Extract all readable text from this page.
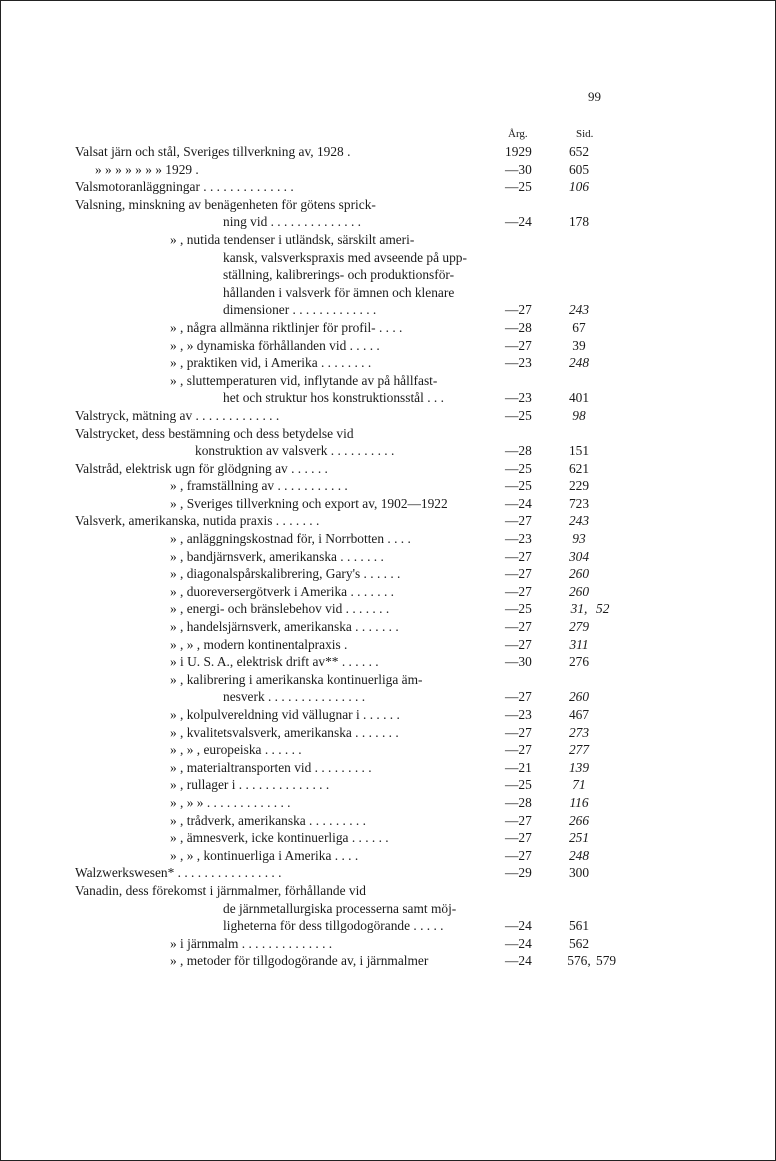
99
Årg.	Sid.
Valsat järn och stål, Sveriges tillverkning av, 1928 .	1929	652
» » » » » » » 1929 .	—30	605
Valsmotoranläggningar . . . . . . . . . . . . . .	—25	106
Valsning, minskning av benägenheten för götens sprick-
ning vid . . . . . . . . . . . . . .	—24	178
» , nutida tendenser i utländsk, särskilt ameri-
kansk, valsverkspraxis med avseende på upp-
ställning, kalibrerings- och produktionsför-
hållanden i valsverk för ämnen och klenare
dimensioner . . . . . . . . . . . . .	—27	243
» , några allmänna riktlinjer för profil- . . . .	—28	67
» , » dynamiska förhållanden vid . . . . .	—27	39
» , praktiken vid, i Amerika . . . . . . . .	—23	248
» , sluttemperaturen vid, inflytande av på hållfast-
het och struktur hos konstruktionsstål . . .	—23	401
Valstryck, mätning av . . . . . . . . . . . . .	—25	98
Valstrycket, dess bestämning och dess betydelse vid
konstruktion av valsverk . . . . . . . . . .	—28	151
Valstråd, elektrisk ugn för glödgning av . . . . . .	—25	621
» , framställning av . . . . . . . . . . .	—25	229
» , Sveriges tillverkning och export av, 1902—1922	—24	723
Valsverk, amerikanska, nutida praxis . . . . . . .	—27	243
» , anläggningskostnad för, i Norrbotten . . . .	—23	93
» , bandjärnsverk, amerikanska . . . . . . .	—27	304
» , diagonalspårskalibrering, Gary's . . . . . .	—27	260
» , duoreversergötverk i Amerika . . . . . . .	—27	260
» , energi- och bränslebehov vid . . . . . . .	—25	31, 52
» , handelsjärnsverk, amerikanska . . . . . . .	—27	279
» , » , modern kontinentalpraxis .	—27	311
» i U. S. A., elektrisk drift av** . . . . . .	—30	276
» , kalibrering i amerikanska kontinuerliga äm-
nesverk . . . . . . . . . . . . . . .	—27	260
» , kolpulvereldning vid vällugnar i . . . . . .	—23	467
» , kvalitetsvalsverk, amerikanska . . . . . . .	—27	273
» , » , europeiska . . . . . .	—27	277
» , materialtransporten vid . . . . . . . . .	—21	139
» , rullager i . . . . . . . . . . . . . .	—25	71
» , » » . . . . . . . . . . . . .	—28	116
» , trådverk, amerikanska . . . . . . . . .	—27	266
» , ämnesverk, icke kontinuerliga . . . . . .	—27	251
» , » , kontinuerliga i Amerika . . . .	—27	248
Walzwerkswesen* . . . . . . . . . . . . . . . .	—29	300
Vanadin, dess förekomst i järnmalmer, förhållande vid
de järnmetallurgiska processerna samt möj-
ligheterna för dess tillgodogörande . . . . .	—24	561
» i järnmalm . . . . . . . . . . . . . .	—24	562
» , metoder för tillgodogörande av, i järnmalmer	—24	576, 579
